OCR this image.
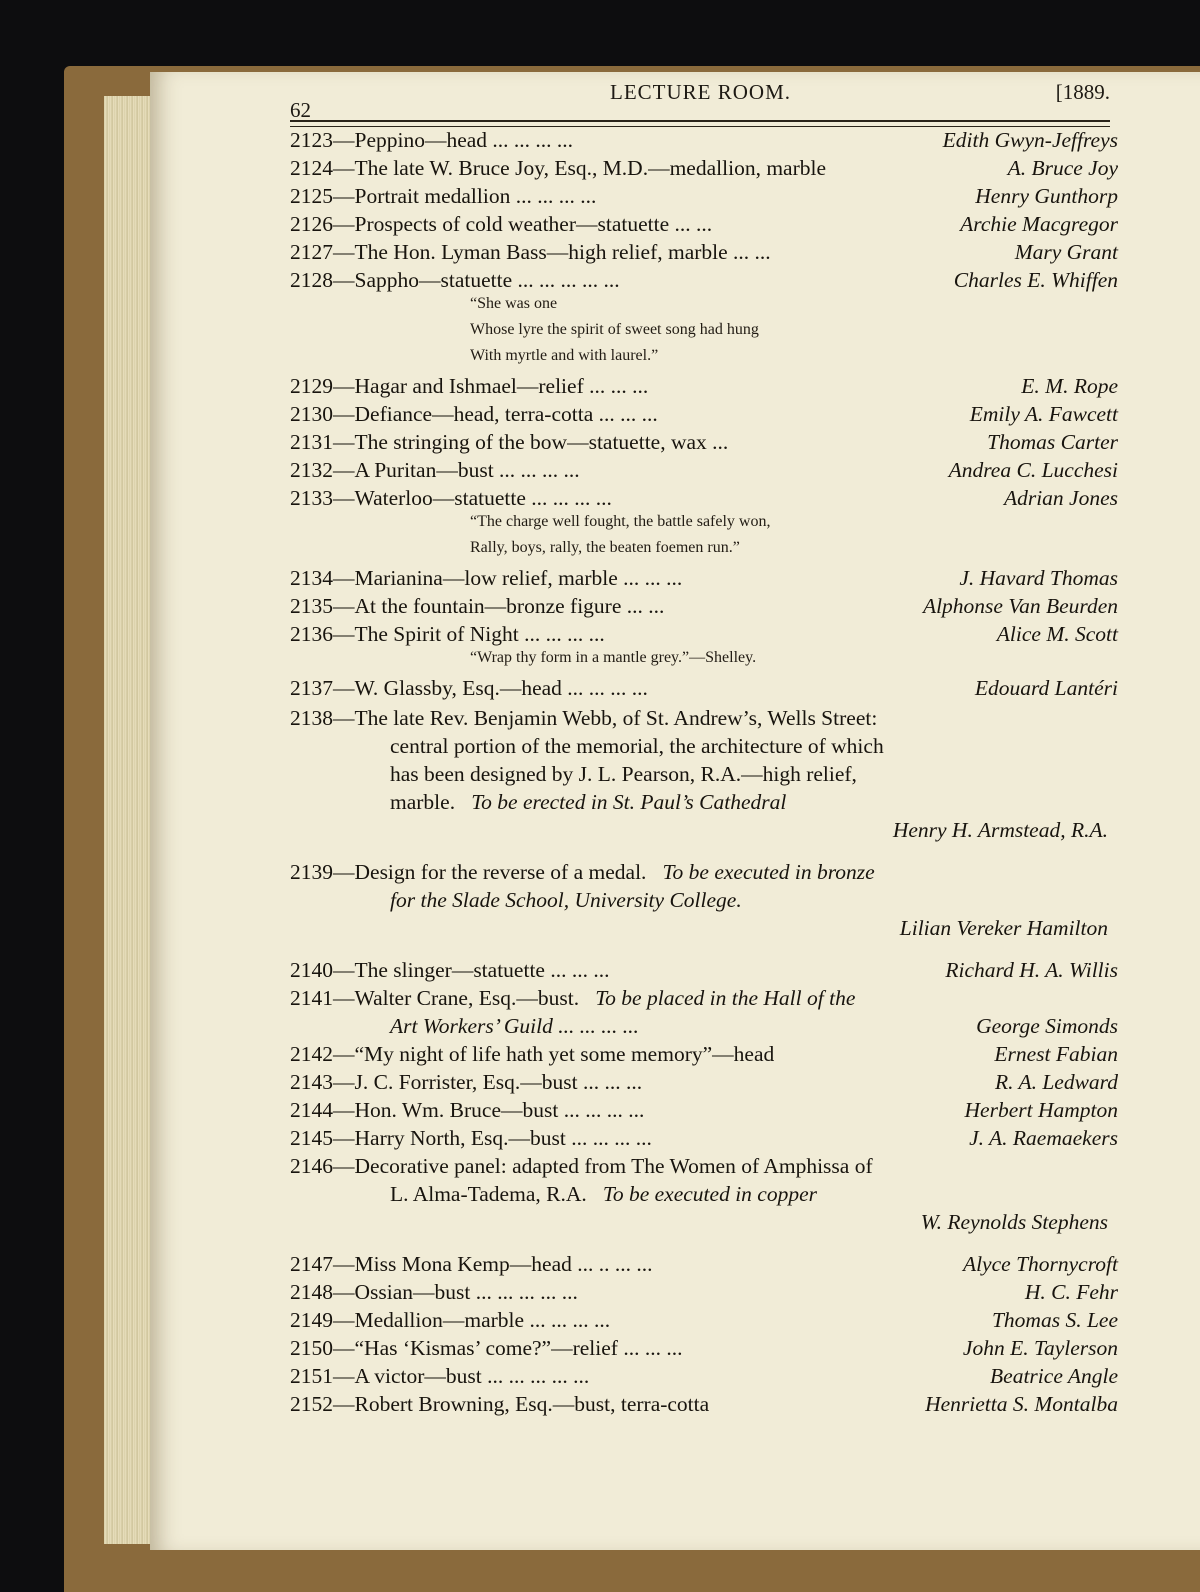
62
LECTURE ROOM.	[1889.
2123—Peppino—head ... ... ... ...	Edith Gwyn-Jeffreys
2124—The late W. Bruce Joy, Esq., M.D.—medallion, marble	A. Bruce Joy
2125—Portrait medallion ... ... ... ...	Henry Gunthorp
2126—Prospects of cold weather—statuette ... ...	Archie Macgregor
2127—The Hon. Lyman Bass—high relief, marble ... ...	Mary Grant
2128—Sappho—statuette ... ... ... ... ...	Charles E. Whiffen
“She was one
Whose lyre the spirit of sweet song had hung
With myrtle and with laurel.”
2129—Hagar and Ishmael—relief ... ... ...	E. M. Rope
2130—Defiance—head, terra-cotta ... ... ...	Emily A. Fawcett
2131—The stringing of the bow—statuette, wax ...	Thomas Carter
2132—A Puritan—bust ... ... ... ...	Andrea C. Lucchesi
2133—Waterloo—statuette ... ... ... ...	Adrian Jones
“The charge well fought, the battle safely won,
Rally, boys, rally, the beaten foemen run.”
2134—Marianina—low relief, marble ... ... ...	J. Havard Thomas
2135—At the fountain—bronze figure ... ...	Alphonse Van Beurden
2136—The Spirit of Night ... ... ... ...	Alice M. Scott
“Wrap thy form in a mantle grey.”—Shelley.
2137—W. Glassby, Esq.—head ... ... ... ...	Edouard Lantéri
2138—The late Rev. Benjamin Webb, of St. Andrew’s, Wells Street:
central portion of the memorial, the architecture of which
has been designed by J. L. Pearson, R.A.—high relief,
marble. To be erected in St. Paul’s Cathedral
Henry H. Armstead, R.A.
2139—Design for the reverse of a medal. To be executed in bronze
for the Slade School, University College.
Lilian Vereker Hamilton
2140—The slinger—statuette ... ... ...	Richard H. A. Willis
2141—Walter Crane, Esq.—bust. To be placed in the Hall of the
Art Workers’ Guild ... ... ... ...	George Simonds
2142—“My night of life hath yet some memory”—head	Ernest Fabian
2143—J. C. Forrister, Esq.—bust ... ... ...	R. A. Ledward
2144—Hon. Wm. Bruce—bust ... ... ... ...	Herbert Hampton
2145—Harry North, Esq.—bust ... ... ... ...	J. A. Raemaekers
2146—Decorative panel: adapted from The Women of Amphissa of
L. Alma-Tadema, R.A. To be executed in copper
W. Reynolds Stephens
2147—Miss Mona Kemp—head ... .. ... ...	Alyce Thornycroft
2148—Ossian—bust ... ... ... ... ...	H. C. Fehr
2149—Medallion—marble ... ... ... ...	Thomas S. Lee
2150—“Has ‘Kismas’ come?”—relief ... ... ...	John E. Taylerson
2151—A victor—bust ... ... ... ... ...	Beatrice Angle
2152—Robert Browning, Esq.—bust, terra-cotta	Henrietta S. Montalba
